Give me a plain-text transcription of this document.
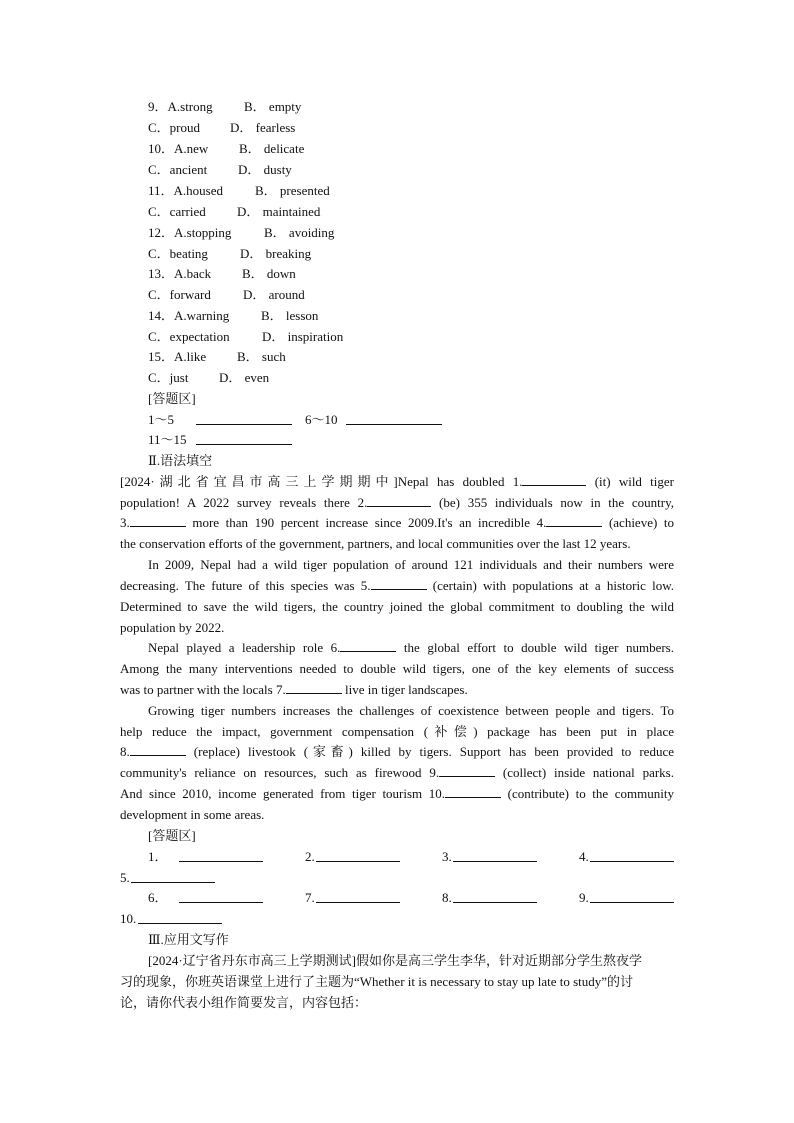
9．A.strong B． empty
C．proud D． fearless
10．A.new B． delicate
C．ancient D． dusty
11．A.housed B． presented
C．carried D． maintained
12．A.stopping	B． avoiding
C．beating D． breaking
13．A.back B． down
C．forward D． around
14．A.warning B． lesson
C．expectation D． inspiration
15．A.like B． such
C．just D． even
[答题区]
1～5	6～10
11～15
Ⅱ.语法填空
[2024·湖北省宜昌市高三上学期期中]Nepal has doubled 1.	(it) wild tiger
population! A 2022 survey reveals there 2.	(be) 355 individuals now in the country,
3.	more than 190 percent increase since 2009.It's an incredible 4.	(achieve) to
the conservation efforts of the government, partners, and local communities over the last 12 years.
In 2009, Nepal had a wild tiger population of around 121 individuals and their numbers were
decreasing. The future of this species was 5.	(certain) with populations at a historic low.
Determined to save the wild tigers, the country joined the global commitment to doubling the wild
population by 2022.
Nepal played a leadership role 6.	the global effort to double wild tiger numbers.
Among the many interventions needed to double wild tigers, one of the key elements of success
was to partner with the locals 7.	live in tiger landscapes.
Growing tiger numbers increases the challenges of coexistence between people and tigers. To
help reduce the impact, government compensation (补偿) package has been put in place
8.	(replace) livestook (家畜) killed by tigers. Support has been provided to reduce
community's reliance on resources, such as firewood 9.	(collect) inside national parks.
And since 2010, income generated from tiger tourism 10.	(contribute) to the community
development in some areas.
[答题区]
1．	2.	3.	4.
5.
6．	7.	8.	9.
10.
Ⅲ.应用文写作
[2024·辽宁省丹东市高三上学期测试]假如你是高三学生李华，针对近期部分学生熬夜学
习的现象，你班英语课堂上进行了主题为“Whether it is necessary to stay up late to study”的讨
论，请你代表小组作简要发言，内容包括：
